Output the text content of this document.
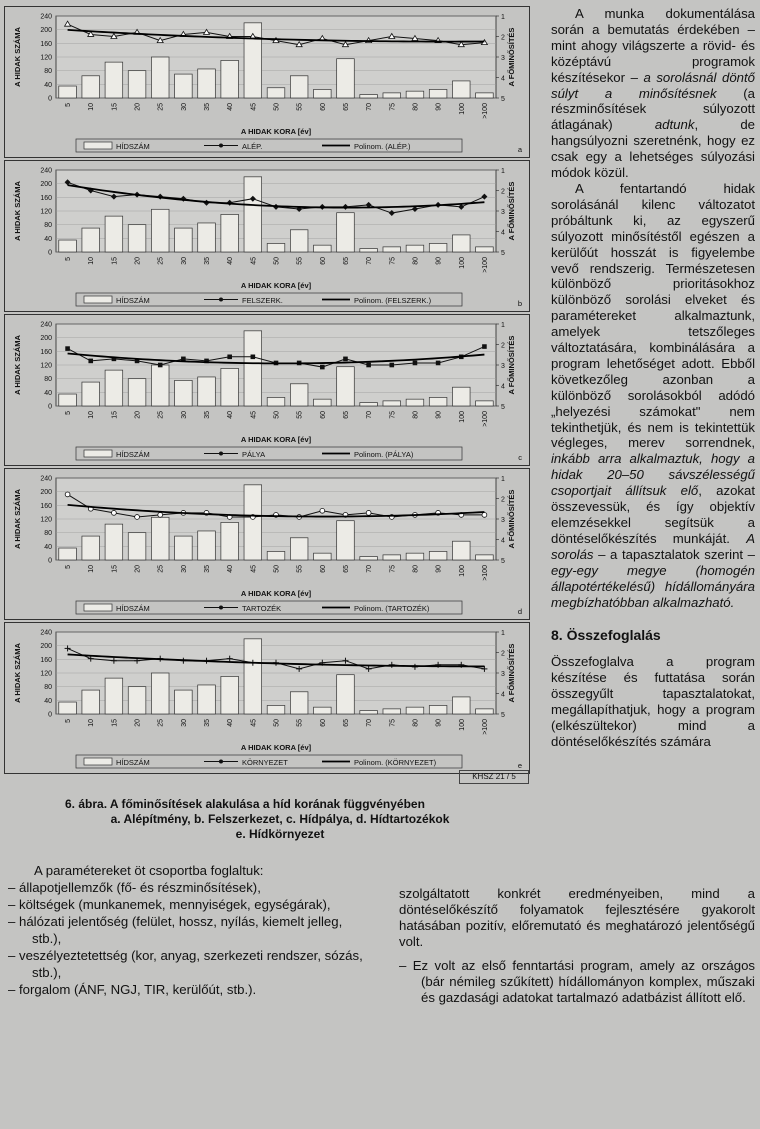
0
40
80
120
160
200
240	1
2
3
4
5
A HIDAK SZÁMA	A FŐMINŐSÍTÉS
5 10 15 20 25 30 35 40 45 50 55 60 65 70 75 80 90 100 >100
A HIDAK KORA [év]
HÍDSZÁM	ALÉP.	Polinom. (ALÉP.)	a
0
40
80
120
160
200
240	1
2
3
4
5
A HIDAK SZÁMA	A FŐMINŐSÍTÉS
5 10 15 20 25 30 35 40 45 50 55 60 65 70 75 80 90 100 >100
A HIDAK KORA [év]
HÍDSZÁM	FELSZERK.	Polinom. (FELSZERK.)	b
0
40
80
120
160
200
240	1
2
3
4
5
A HIDAK SZÁMA	A FŐMINŐSÍTÉS
5 10 15 20 25 30 35 40 45 50 55 60 65 70 75 80 90 100 >100
A HIDAK KORA [év]
HÍDSZÁM	PÁLYA	Polinom. (PÁLYA)	c
0
40
80
120
160
200
240	1
2
3
4
5
A HIDAK SZÁMA	A FŐMINŐSÍTÉS
5 10 15 20 25 30 35 40 45 50 55 60 65 70 75 80 90 100 >100
A HIDAK KORA [év]
HÍDSZÁM	TARTOZÉK	Polinom. (TARTOZÉK)	d
0
40
80
120
160
200
240	1
2
3
4
5
A HIDAK SZÁMA	A FŐMINŐSÍTÉS
5 10 15 20 25 30 35 40 45 50 55 60 65 70 75 80 90 100 >100
A HIDAK KORA [év]
HÍDSZÁM	KÖRNYEZET	Polinom. (KÖRNYEZET)	e
KHSZ 21 / 5
6. ábra. A főminősítések alakulása a híd korának függvényében
a. Alépítmény, b. Felszerkezet, c. Hídpálya, d. Hídtartozékok
e. Hídkörnyezet

A munka dokumentálása során a bemutatás érdekében – mint ahogy világszerte a rövid- és középtávú programok készítésekor – a sorolásnál döntő súlyt a minősítésnek (a részminősítések súlyozott átlagának) adtunk, de hangsúlyozni szeretnénk, hogy ez csak egy a lehetséges súlyozási módok közül.

A fentartandó hidak sorolásánál kilenc változatot próbáltunk ki, az egyszerű súlyozott minősítéstől egészen a kerülőút hosszát is figyelembe vevő rendszerig. Természetesen különböző prioritásokhoz különböző sorolási elveket és paramétereket alkalmaztunk, amelyek tetszőleges változtatására, kombinálására a program lehetőséget adott. Ebből következőleg azonban a különböző sorolásokból adódó „helyezési számokat" nem tekinthetjük, és nem is tekintettük végleges, merev sorrendnek, inkább arra alkalmaztuk, hogy a hidak 20–50 sávszélességű csoportjait állítsuk elő, azokat összevessük, és így objektív elemzésekkel segítsük a döntéselőkészítés munkáját. A sorolás – a tapasztalatok szerint – egy-egy megye (homogén állapotértékelésű) hídállományára megbízhatóbban alkalmazható.

8. Összefoglalás

Összefoglalva a program készítése és futtatása során összegyűlt tapasztalatokat, megállapíthatjuk, hogy a program (elkészültekor) mind a döntéselőkészítés számára

szolgáltatott konkrét eredményeiben, mind a döntéselőkészítő folyamatok fejlesztésére gyakorolt hatásában pozitív, előremutató és meghatározó jelentőségű volt.

– Ez volt az első fenntartási program, amely az országos (bár némileg szűkített) hídállományon komplex, műszaki és gazdasági adatokat tartalmazó adatbázist állított elő.
A paramétereket öt csoportba foglaltuk:
– állapotjellemzők (fő- és részminősítések),
– költségek (munkanemek, mennyiségek, egységárak),
– hálózati jelentőség (felület, hossz, nyílás, kiemelt jelleg, stb.),
– veszélyeztetettség (kor, anyag, szerkezeti rendszer, sózás, stb.),
– forgalom (ÁNF, NGJ, TIR, kerülőút, stb.).
